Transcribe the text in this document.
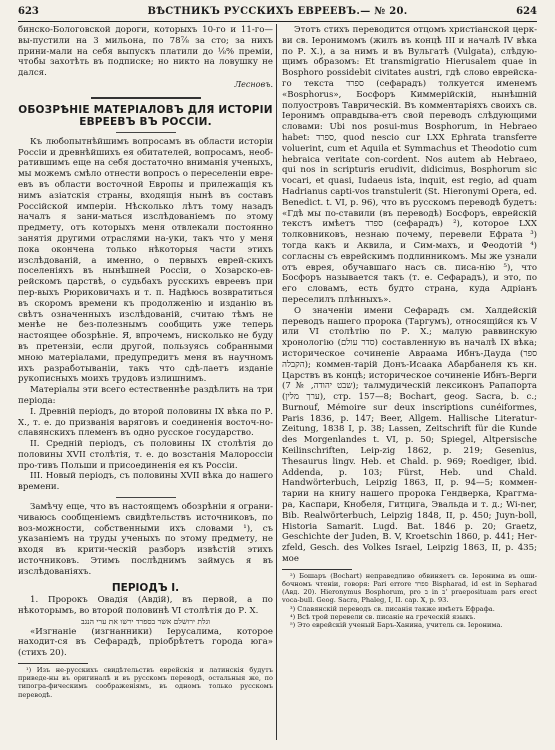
623	ВѢСТНИКЪ РУССКИХЪ ЕВРЕЕВЪ.— № 20.	624

бинско-Бологовской дороги, которыхъ 10-го и 11-го—вы-пустили на 3 мильона, по 78⅞ за сто; за нихъ прини-мали на себя выпускъ платили до ⅛% преміи, чтобы захотѣть въ подписке; но никто на ловушку не дался.

Лесновъ.
ОБОЗРѢНІЕ МАТЕРІАЛОВЪ ДЛЯ ИСТОРІИ ЕВРЕЕВЪ ВЪ РОССІИ.

Къ любопытнѣйшимъ вопросамъ въ области исторіи Россіи и древнѣйшихъ ея обитателей, вопросамъ, необ-ратившимъ еще на себя достаточно вниманія ученыхъ, мы можемъ смѣло отнести вопросъ о переселеніи евре-евъ въ области восточной Европы и прилежащія къ нимъ азіатскія страны, входящія нынѣ въ составъ Россійской имперіи. Нѣсколько лѣтъ тому назадъ началъ я зани-маться изслѣдованіемъ по этому предмету, отъ которыхъ меня отвлекали постоянно занятія другими отраслями на-уки, такъ что у меня пока окончена только нѣкоторыя части этихъ изслѣдованій, а именно, о первыхъ еврей-скихъ поселеніяхъ въ нынѣшней Россіи, о Хозарско-ев-рейскомъ царствѣ, о судьбахъ русскихъ евреевъ при пер-выхъ Рюриковичахъ и т. п. Надѣюсь возвратиться въ скоромъ времени къ продолженію и изданію въ свѣтъ означенныхъ изслѣдованій, считаю тѣмъ не менѣе не без-полезнымъ сообщить уже теперь настоящее обозрѣніе. Я, впрочемъ, нисколько не буду въ претензіи, если другой, пользуясь собранными мною матеріалами, предупредитъ меня въ научномъ ихъ разработываніи, такъ что сдѣ-лаетъ изданіе рукописныхъ моихъ трудовъ излишнимъ.

Матеріалы эти всего естественнѣе раздѣлить на три періода:

I. Древній періодъ, до второй половины IX вѣка по Р. Х., т. е. до призванія варяговъ и соединенія восточ-но-славянскихъ племенъ въ одно русское государство.

II. Средній періодъ, съ половины IX столѣтія до половины XVII столѣтія, т. е. до возстанія Малороссіи про-тивъ Польши и присоединенія ея къ Россіи.

III. Новый періодъ, съ половины XVII вѣка до нашего времени.

Замѣчу еще, что въ настоящемъ обозрѣніи я ограни-чиваюсь сообщеніемъ свидѣтельствъ источниковъ, по воз-можности, собственными ихъ словами ¹), съ указаніемъ на труды ученыхъ по этому предмету, не входя въ крити-ческій разборъ извѣстій этихъ источниковъ. Этимъ послѣднимъ займусь я въ изслѣдованіяхъ.

ПЕРІОДЪ I.

1. Пророкъ Овадія (Авдій), въ первой, а по нѣкоторымъ, во второй половинѣ VI столѣтія до Р. Х.

וגלת ירושלם אשר בספרד ירשו את ערי הנגב

«Изгнаніе (изгнанники) Іерусалима, которое находит-ся въ Сефарадѣ, пріобрѣтетъ города юга» (стихъ 20).

¹) Изъ не-русскихъ свидѣтельствъ еврейскія и латинскія будутъ приведе-ны въ оригиналѣ и въ русскомъ переводѣ, остальныя же, по типогра-фическимъ соображеніямъ, въ одномъ только русскомъ переводѣ.

Этотъ стихъ переводится отцомъ христіанской церк-ви св. Іеронимомъ (жилъ въ концѣ III и началѣ IV вѣка по Р. Х.), а за нимъ и въ Вульгатѣ (Vulgata), слѣдую-щимъ образомъ: Et transmigratio Hierusalem quae in Bosphoro possidebit civitates austri, гдѣ слово еврейска-го текста ספרד (сефарадъ) толкуется именемъ «Bosphorus», Босфоръ Киммерійскій, нынѣшній полуостровъ Таврическій. Въ комментаріяхъ своихъ св. Іеронимъ оправдыва-етъ свой переводъ слѣдующими словами: Ubi nos posui-mus Bosphorum, in Hebraeo habet: ספרד, quod nescio cur LXX Ephrata transferre voluerint, cum et Aquila et Symmachus et Theodotio cum hebraica veritate con-cordent. Nos autem ab Hebraeo, qui nos in scripturis erudivit, didicimus, Bosphorum sic vocari, et quasi, Iudaeus ista, inquit, est regio, ad quam Hadrianus capti-vos transtulerit (St. Hieronymi Opera, ed. Benedict. t. VI, p. 96), что въ русскомъ переводѣ будетъ: «Гдѣ мы по-ставили (въ переводѣ) Босфоръ, еврейскій текстъ имѣетъ ספרד (сефарадъ) ²), которое LXX толковниковъ, незнаю почему, перевели Ефрата ³) тогда какъ и Аквила, и Сим-махъ, и Феодотій ⁴) согласны съ еврейскимъ подлинникомъ. Мы же узнали отъ еврея, обучавшаго насъ св. писа-нію ⁵), что Босфоръ называется такъ (т. е. Сефарадъ), и это, по его словамъ, есть будто страна, куда Адріанъ переселилъ плѣнныхъ».

О значеніи имени Сефарадъ см. Халдейскій переводъ нашего пророка (Таргумъ), относящійся къ V или VI столѣтію по Р. Х.; малую раввинскую хронологію (סדר עולם) составленную въ началѣ IX вѣка; историческое сочиненіе Авраама Ибнъ-Дауда (ספר הקבלה); коммен-тарій Донъ-Исаака Абарбанеля къ кн. Царствъ въ концѣ; историческое сочиненіе Ибнъ-Верги (שבט יהודה, № 7); талмудическій лексиконъ Рапапорта (ערך מלין), стр. 157—8; Bochart, geog. Sacra, b. c.; Burnouf, Mémoire sur deux inscriptions cunéiformes, Paris 1836, p. 147; Beer, Allgem. Hallische Literatur-Zeitung, 1838 I, p. 38; Lassen, Zeitschrift für die Kunde des Morgenlandes t. VI, p. 50; Spiegel, Altpersische Keilinschriften, Leip-zig 1862, p. 219; Gesenius, Thesaurus lingv. Heb. et Chald. p. 969; Roediger, ibid. Addenda, p. 103; Fürst, Heb. und Chald. Handwörterbuch, Leipzig 1863, II, p. 94—5; коммен-тарии на книгу нашего пророка Гендверка, Краггма-ра, Каспари, Кнобеля, Гитцига, Эвальда и т. д.; Wi-ner, Bib. Realwörterbuch, Leipzig 1848, II, p. 450; Juyn-boll, Historia Samarit. Lugd. Bat. 1846 p. 20; Graetz, Geschichte der Juden, B. V, Kroetschin 1860, p. 441; Her-zfeld, Gesch. des Volkes Israel, Leipzig 1863, II, p. 435; мое

²) Бошаръ (Bochart) неправедливо обвиняетъ св. Іеронима въ оши-бочномъ чтеніи, говоря: Pari errore ספרד Bispharad, id est in Sepharad (Авд. 20). Hieronymus Bosphorum, pro ב in ב' praeposituam pars erect voca-bull. Geog. Sacra, Phaleg, I, II. cap. X, p. 93.

³) Славянскій переводъ св. писанія также имѣетъ Ефрафа.

⁴) Всѣ трой перевели св. писаніе на греческій языкъ.

⁵) Это еврейскій ученый Баръ-Ханина, учитель св. Іеронима.
